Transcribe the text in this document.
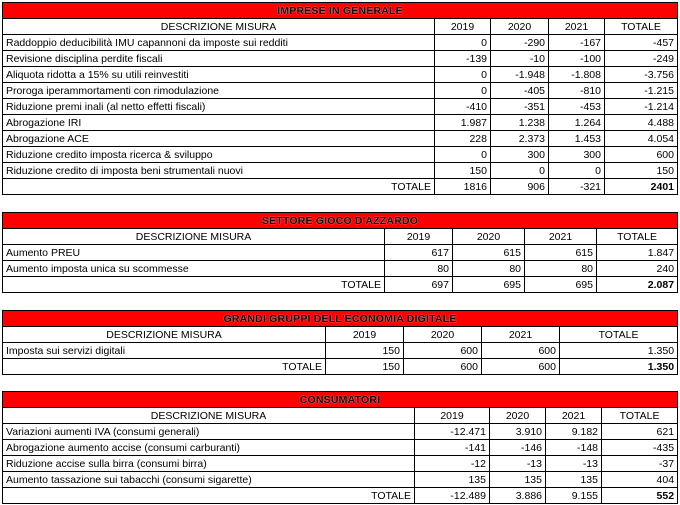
IMPRESE IN GENERALE				
DESCRIZIONE MISURA	2019	2020	2021	TOTALE
Raddoppio deducibilità IMU capannoni da imposte sui redditi	0	-290	-167	-457
Revisione disciplina perdite fiscali	-139	-10	-100	-249
Aliquota ridotta a 15% su utili reinvestiti	0	-1.948	-1.808	-3.756
Proroga iperammortamenti con rimodulazione	0	-405	-810	-1.215
Riduzione premi inali (al netto effetti fiscali)	-410	-351	-453	-1.214
Abrogazione IRI	1.987	1.238	1.264	4.488
Abrogazione ACE	228	2.373	1.453	4.054
Riduzione credito imposta ricerca & sviluppo	0	300	300	600
Riduzione credito di imposta beni strumentali nuovi	150	0	0	150
TOTALE	1816	906	-321	2401
SETTORE GIOCO D'AZZARDO				
DESCRIZIONE MISURA	2019	2020	2021	TOTALE
Aumento PREU	617	615	615	1.847
Aumento imposta unica su scommesse	80	80	80	240
TOTALE	697	695	695	2.087
GRANDI GRUPPI DELL'ECONOMIA DIGITALE				
DESCRIZIONE MISURA	2019	2020	2021	TOTALE
Imposta sui servizi digitali	150	600	600	1.350
TOTALE	150	600	600	1.350
CONSUMATORI				
DESCRIZIONE MISURA	2019	2020	2021	TOTALE
Variazioni aumenti IVA (consumi generali)	-12.471	3.910	9.182	621
Abrogazione aumento accise (consumi carburanti)	-141	-146	-148	-435
Riduzione accise sulla birra (consumi birra)	-12	-13	-13	-37
Aumento tassazione sui tabacchi (consumi sigarette)	135	135	135	404
TOTALE	-12.489	3.886	9.155	552
